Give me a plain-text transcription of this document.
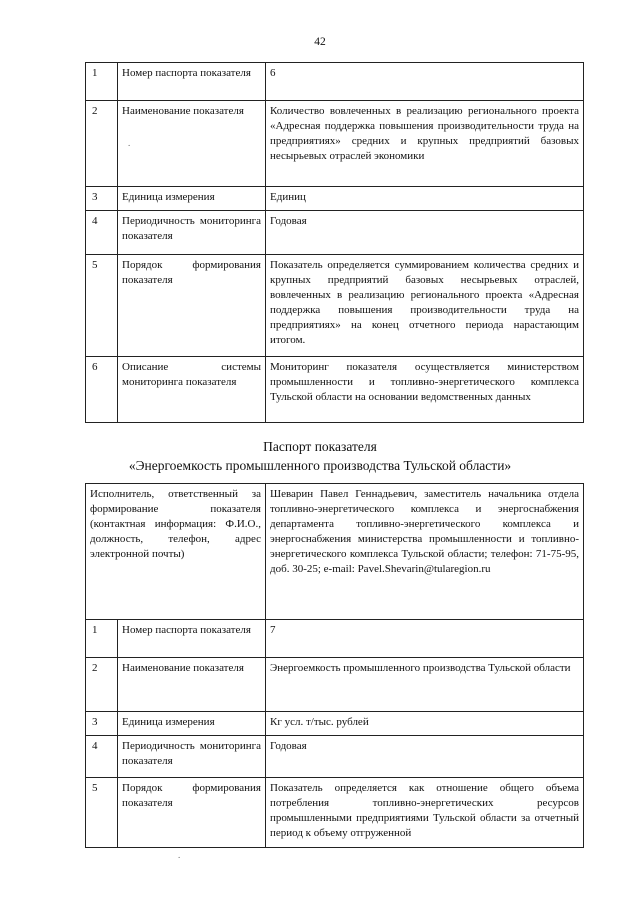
42
1	Номер паспорта показателя	6
2	Наименование показателя	Количество вовлеченных в реализацию регионального проекта «Адресная поддержка повышения производительности труда на предприятиях» средних и крупных предприятий базовых несырьевых отраслей экономики
3	Единица измерения	Единиц
4	Периодичность мониторинга показателя	Годовая
5	Порядок формирования показателя	Показатель определяется суммированием количества средних и крупных предприятий базовых несырьевых отраслей, вовлеченных в реализацию регионального проекта «Адресная поддержка повышения производительности труда на предприятиях» на конец отчетного периода нарастающим итогом.
6	Описание системы мониторинга показателя	Мониторинг показателя осуществляется министерством промышленности и топливно-энергетического комплекса Тульской области на основании ведомственных данных
Паспорт показателя
«Энергоемкость промышленного производства Тульской области»
Исполнитель, ответственный за формирование показателя (контактная информация: Ф.И.О., должность, телефон, адрес электронной почты)		Шеварин Павел Геннадьевич, заместитель начальника отдела топливно-энергетического комплекса и энергоснабжения департамента топливно-энергетического комплекса и энергоснабжения министерства промышленности и топливно-энергетического комплекса Тульской области; телефон: 71-75-95, доб. 30-25; e-mail: Pavel.Shevarin@tularegion.ru
1	Номер паспорта показателя	7
2	Наименование показателя	Энергоемкость промышленного производства Тульской области
3	Единица измерения	Кг усл. т/тыс. рублей
4	Периодичность мониторинга показателя	Годовая
5	Порядок формирования показателя	Показатель определяется как отношение общего объема потребления топливно-энергетических ресурсов промышленными предприятиями Тульской области за отчетный период к объему отгруженной
.
.
